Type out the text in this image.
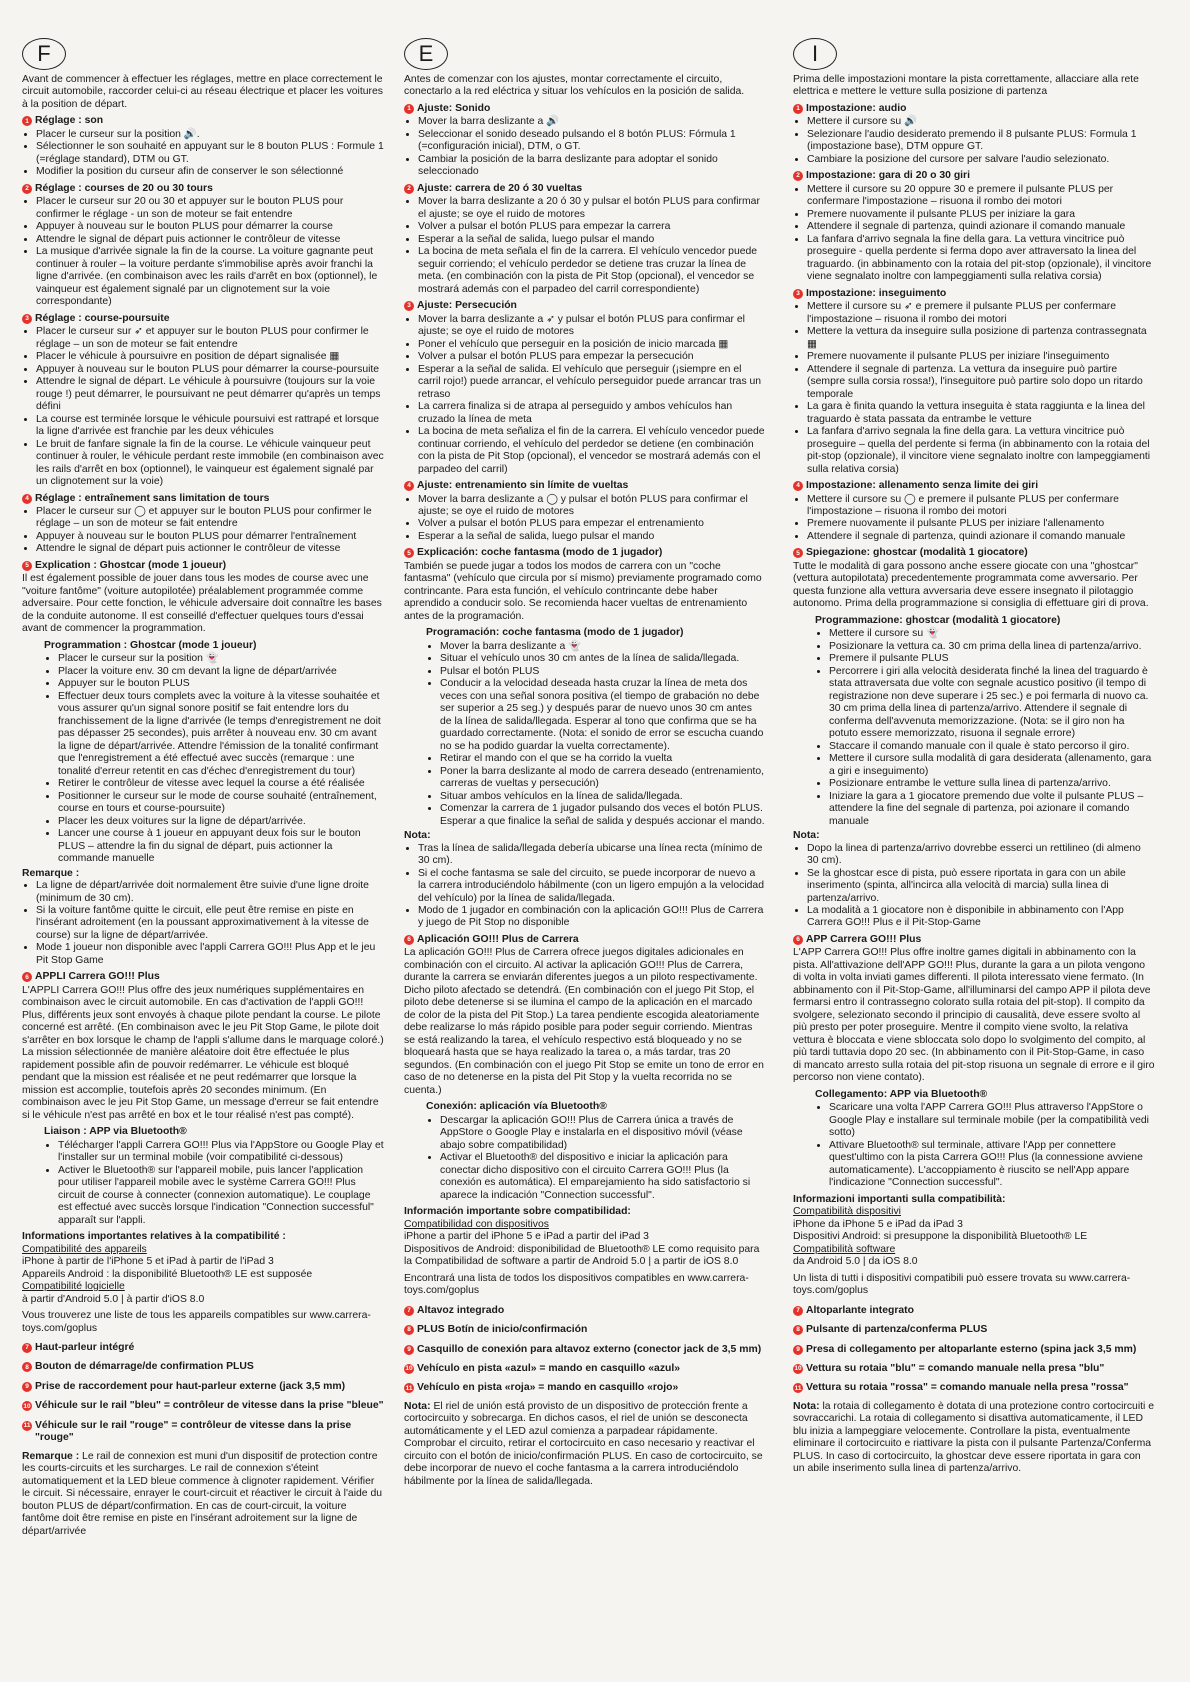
F

Avant de commencer à effectuer les réglages, mettre en place correctement le circuit automobile, raccorder celui-ci au réseau électrique et placer les voitures à la position de départ.

1 Réglage : son
• Placer le curseur sur la position 🔊.
• Sélectionner le son souhaité en appuyant sur le 8 bouton PLUS : Formule 1 (=réglage standard), DTM ou GT.
• Modifier la position du curseur afin de conserver le son sélectionné
2 Réglage : courses de 20 ou 30 tours
• Placer le curseur sur 20 ou 30 et appuyer sur le bouton PLUS pour confirmer le réglage - un son de moteur se fait entendre
• Appuyer à nouveau sur le bouton PLUS pour démarrer la course
• Attendre le signal de départ puis actionner le contrôleur de vitesse
• La musique d'arrivée signale la fin de la course. La voiture gagnante peut continuer à rouler – la voiture perdante s'immobilise après avoir franchi la ligne d'arrivée. (en combinaison avec les rails d'arrêt en box (optionnel), le vainqueur est également signalé par un clignotement sur la voie correspondante)
3 Réglage : course-poursuite
• Placer le curseur sur ➶ et appuyer sur le bouton PLUS pour confirmer le réglage – un son de moteur se fait entendre
• Placer le véhicule à poursuivre en position de départ signalisée ▦
• Appuyer à nouveau sur le bouton PLUS pour démarrer la course-poursuite
• Attendre le signal de départ. Le véhicule à poursuivre (toujours sur la voie rouge !) peut démarrer, le poursuivant ne peut démarrer qu'après un temps défini
• La course est terminée lorsque le véhicule poursuivi est rattrapé et lorsque la ligne d'arrivée est franchie par les deux véhicules
• Le bruit de fanfare signale la fin de la course. Le véhicule vainqueur peut continuer à rouler, le véhicule perdant reste immobile (en combinaison avec les rails d'arrêt en box (optionnel), le vainqueur est également signalé par un clignotement sur la voie)
4 Réglage : entraînement sans limitation de tours
• Placer le curseur sur ◯ et appuyer sur le bouton PLUS pour confirmer le réglage – un son de moteur se fait entendre
• Appuyer à nouveau sur le bouton PLUS pour démarrer l'entraînement
• Attendre le signal de départ puis actionner le contrôleur de vitesse
5 Explication : Ghostcar (mode 1 joueur)

Il est également possible de jouer dans tous les modes de course avec une "voiture fantôme" (voiture autopilotée) préalablement programmée comme adversaire. Pour cette fonction, le véhicule adversaire doit connaître les bases de la conduite autonome. Il est conseillé d'effectuer quelques tours d'essai avant de commencer la programmation.

Programmation : Ghostcar (mode 1 joueur)
• Placer le curseur sur la position 👻
• Placer la voiture env. 30 cm devant la ligne de départ/arrivée
• Appuyer sur le bouton PLUS
• Effectuer deux tours complets avec la voiture à la vitesse souhaitée et vous assurer qu'un signal sonore positif se fait entendre lors du franchissement de la ligne d'arrivée (le temps d'enregistrement ne doit pas dépasser 25 secondes), puis arrêter à nouveau env. 30 cm avant la ligne de départ/arrivée. Attendre l'émission de la tonalité confirmant que l'enregistrement a été effectué avec succès (remarque : une tonalité d'erreur retentit en cas d'échec d'enregistrement du tour)
• Retirer le contrôleur de vitesse avec lequel la course a été réalisée
• Positionner le curseur sur le mode de course souhaité (entraînement, course en tours et course-poursuite)
• Placer les deux voitures sur la ligne de départ/arrivée.
• Lancer une course à 1 joueur en appuyant deux fois sur le bouton PLUS – attendre la fin du signal de départ, puis actionner la commande manuelle
Remarque :
• La ligne de départ/arrivée doit normalement être suivie d'une ligne droite (minimum de 30 cm).
• Si la voiture fantôme quitte le circuit, elle peut être remise en piste en l'insérant adroitement (en la poussant approximativement à la vitesse de course) sur la ligne de départ/arrivée.
• Mode 1 joueur non disponible avec l'appli Carrera GO!!! Plus App et le jeu Pit Stop Game
6 APPLI Carrera GO!!! Plus

L'APPLI Carrera GO!!! Plus offre des jeux numériques supplémentaires en combinaison avec le circuit automobile. En cas d'activation de l'appli GO!!! Plus, différents jeux sont envoyés à chaque pilote pendant la course. Le pilote concerné est arrêté. (En combinaison avec le jeu Pit Stop Game, le pilote doit s'arrêter en box lorsque le champ de l'appli s'allume dans le marquage coloré.) La mission sélectionnée de manière aléatoire doit être effectuée le plus rapidement possible afin de pouvoir redémarrer. Le véhicule est bloqué pendant que la mission est réalisée et ne peut redémarrer que lorsque la mission est accomplie, toutefois après 20 secondes minimum. (En combinaison avec le jeu Pit Stop Game, un message d'erreur se fait entendre si le véhicule n'est pas arrêté en box et le tour réalisé n'est pas compté).

Liaison : APP via Bluetooth®
• Télécharger l'appli Carrera GO!!! Plus via l'AppStore ou Google Play et l'installer sur un terminal mobile (voir compatibilité ci-dessous)
• Activer le Bluetooth® sur l'appareil mobile, puis lancer l'application pour utiliser l'appareil mobile avec le système Carrera GO!!! Plus circuit de course à connecter (connexion automatique). Le couplage est effectué avec succès lorsque l'indication "Connection successful" apparaît sur l'appli.
Informations importantes relatives à la compatibilité :
Compatibilité des appareils
iPhone à partir de l'iPhone 5 et iPad à partir de l'iPad 3
Appareils Android : la disponibilité Bluetooth® LE est supposée
Compatibilité logicielle
à partir d'Android 5.0 | à partir d'iOS 8.0

Vous trouverez une liste de tous les appareils compatibles sur www.carrera-toys.com/goplus

7 Haut-parleur intégré
8 Bouton de démarrage/de confirmation PLUS
9 Prise de raccordement pour haut-parleur externe (jack 3,5 mm)
10 Véhicule sur le rail "bleu" = contrôleur de vitesse dans la prise "bleue"
11 Véhicule sur le rail "rouge" = contrôleur de vitesse dans la prise "rouge"

Remarque : Le rail de connexion est muni d'un dispositif de protection contre les courts-circuits et les surcharges. Le rail de connexion s'éteint automatiquement et la LED bleue commence à clignoter rapidement. Vérifier le circuit. Si nécessaire, enrayer le court-circuit et réactiver le circuit à l'aide du bouton PLUS de départ/confirmation. En cas de court-circuit, la voiture fantôme doit être remise en piste en l'insérant adroitement sur la ligne de départ/arrivée

E

Antes de comenzar con los ajustes, montar correctamente el circuito, conectarlo a la red eléctrica y situar los vehículos en la posición de salida.

1 Ajuste: Sonido
• Mover la barra deslizante a 🔊
• Seleccionar el sonido deseado pulsando el 8 botón PLUS: Fórmula 1 (=configuración inicial), DTM, o GT.
• Cambiar la posición de la barra deslizante para adoptar el sonido seleccionado
2 Ajuste: carrera de 20 ó 30 vueltas
• Mover la barra deslizante a 20 ó 30 y pulsar el botón PLUS para confirmar el ajuste; se oye el ruido de motores
• Volver a pulsar el botón PLUS para empezar la carrera
• Esperar a la señal de salida, luego pulsar el mando
• La bocina de meta señala el fin de la carrera. El vehículo vencedor puede seguir corriendo; el vehículo perdedor se detiene tras cruzar la línea de meta. (en combinación con la pista de Pit Stop (opcional), el vencedor se mostrará además con el parpadeo del carril correspondiente)
3 Ajuste: Persecución
• Mover la barra deslizante a ➶ y pulsar el botón PLUS para confirmar el ajuste; se oye el ruido de motores
• Poner el vehículo que perseguir en la posición de inicio marcada ▦
• Volver a pulsar el botón PLUS para empezar la persecución
• Esperar a la señal de salida. El vehículo que perseguir (¡siempre en el carril rojo!) puede arrancar, el vehículo perseguidor puede arrancar tras un retraso
• La carrera finaliza si de atrapa al perseguido y ambos vehículos han cruzado la línea de meta
• La bocina de meta señaliza el fin de la carrera. El vehículo vencedor puede continuar corriendo, el vehículo del perdedor se detiene (en combinación con la pista de Pit Stop (opcional), el vencedor se mostrará además con el parpadeo del carril)
4 Ajuste: entrenamiento sin límite de vueltas
• Mover la barra deslizante a ◯ y pulsar el botón PLUS para confirmar el ajuste; se oye el ruido de motores
• Volver a pulsar el botón PLUS para empezar el entrenamiento
• Esperar a la señal de salida, luego pulsar el mando
5 Explicación: coche fantasma (modo de 1 jugador)

También se puede jugar a todos los modos de carrera con un "coche fantasma" (vehículo que circula por sí mismo) previamente programado como contrincante. Para esta función, el vehículo contrincante debe haber aprendido a conducir solo. Se recomienda hacer vueltas de entrenamiento antes de la programación.

Programación: coche fantasma (modo de 1 jugador)
• Mover la barra deslizante a 👻
• Situar el vehículo unos 30 cm antes de la línea de salida/llegada.
• Pulsar el botón PLUS
• Conducir a la velocidad deseada hasta cruzar la línea de meta dos veces con una señal sonora positiva (el tiempo de grabación no debe ser superior a 25 seg.) y después parar de nuevo unos 30 cm antes de la línea de salida/llegada. Esperar al tono que confirma que se ha guardado correctamente. (Nota: el sonido de error se escucha cuando no se ha podido guardar la vuelta correctamente).
• Retirar el mando con el que se ha corrido la vuelta
• Poner la barra deslizante al modo de carrera deseado (entrenamiento, carreras de vueltas y persecución)
• Situar ambos vehículos en la línea de salida/llegada.
• Comenzar la carrera de 1 jugador pulsando dos veces el botón PLUS. Esperar a que finalice la señal de salida y después accionar el mando.
Nota:
• Tras la línea de salida/llegada debería ubicarse una línea recta (mínimo de 30 cm).
• Si el coche fantasma se sale del circuito, se puede incorporar de nuevo a la carrera introduciéndolo hábilmente (con un ligero empujón a la velocidad del vehículo) por la línea de salida/llegada.
• Modo de 1 jugador en combinación con la aplicación GO!!! Plus de Carrera y juego de Pit Stop no disponible
6 Aplicación GO!!! Plus de Carrera

La aplicación GO!!! Plus de Carrera ofrece juegos digitales adicionales en combinación con el circuito. Al activar la aplicación GO!!! Plus de Carrera, durante la carrera se enviarán diferentes juegos a un piloto respectivamente. Dicho piloto afectado se detendrá. (En combinación con el juego Pit Stop, el piloto debe detenerse si se ilumina el campo de la aplicación en el marcado de color de la pista del Pit Stop.) La tarea pendiente escogida aleatoriamente debe realizarse lo más rápido posible para poder seguir corriendo. Mientras se está realizando la tarea, el vehículo respectivo está bloqueado y no se bloqueará hasta que se haya realizado la tarea o, a más tardar, tras 20 segundos. (En combinación con el juego Pit Stop se emite un tono de error en caso de no detenerse en la pista del Pit Stop y la vuelta recorrida no se cuenta.)

Conexión: aplicación vía Bluetooth®
• Descargar la aplicación GO!!! Plus de Carrera única a través de AppStore o Google Play e instalarla en el dispositivo móvil (véase abajo sobre compatibilidad)
• Activar el Bluetooth® del dispositivo e iniciar la aplicación para conectar dicho dispositivo con el circuito Carrera GO!!! Plus (la conexión es automática). El emparejamiento ha sido satisfactorio si aparece la indicación "Connection successful".
Información importante sobre compatibilidad:
Compatibilidad con dispositivos
iPhone a partir del iPhone 5 e iPad a partir del iPad 3
Dispositivos de Android: disponibilidad de Bluetooth® LE como requisito para la Compatibilidad de software a partir de Android 5.0 | a partir de iOS 8.0

Encontrará una lista de todos los dispositivos compatibles en www.carrera-toys.com/goplus

7 Altavoz integrado
8 PLUS Botín de inicio/confirmación
9 Casquillo de conexión para altavoz externo (conector jack de 3,5 mm)
10 Vehículo en pista «azul» = mando en casquillo «azul»
11 Vehículo en pista «roja» = mando en casquillo «rojo»

Nota: El riel de unión está provisto de un dispositivo de protección frente a cortocircuito y sobrecarga. En dichos casos, el riel de unión se desconecta automáticamente y el LED azul comienza a parpadear rápidamente. Comprobar el circuito, retirar el cortocircuito en caso necesario y reactivar el circuito con el botón de inicio/confirmación PLUS. En caso de cortocircuito, se debe incorporar de nuevo el coche fantasma a la carrera introduciéndolo hábilmente por la línea de salida/llegada.

I

Prima delle impostazioni montare la pista correttamente, allacciare alla rete elettrica e mettere le vetture sulla posizione di partenza

1 Impostazione: audio
• Mettere il cursore su 🔊
• Selezionare l'audio desiderato premendo il 8 pulsante PLUS: Formula 1 (impostazione base), DTM oppure GT.
• Cambiare la posizione del cursore per salvare l'audio selezionato.
2 Impostazione: gara di 20 o 30 giri
• Mettere il cursore su 20 oppure 30 e premere il pulsante PLUS per confermare l'impostazione – risuona il rombo dei motori
• Premere nuovamente il pulsante PLUS per iniziare la gara
• Attendere il segnale di partenza, quindi azionare il comando manuale
• La fanfara d'arrivo segnala la fine della gara. La vettura vincitrice può proseguire - quella perdente si ferma dopo aver attraversato la linea del traguardo. (in abbinamento con la rotaia del pit-stop (opzionale), il vincitore viene segnalato inoltre con lampeggiamenti sulla relativa corsia)
3 Impostazione: inseguimento
• Mettere il cursore su ➶ e premere il pulsante PLUS per confermare l'impostazione – risuona il rombo dei motori
• Mettere la vettura da inseguire sulla posizione di partenza contrassegnata ▦
• Premere nuovamente il pulsante PLUS per iniziare l'inseguimento
• Attendere il segnale di partenza. La vettura da inseguire può partire (sempre sulla corsia rossa!), l'inseguitore può partire solo dopo un ritardo temporale
• La gara è finita quando la vettura inseguita è stata raggiunta e la linea del traguardo è stata passata da entrambe le vetture
• La fanfara d'arrivo segnala la fine della gara. La vettura vincitrice può proseguire – quella del perdente si ferma (in abbinamento con la rotaia del pit-stop (opzionale), il vincitore viene segnalato inoltre con lampeggiamenti sulla relativa corsia)
4 Impostazione: allenamento senza limite dei giri
• Mettere il cursore su ◯ e premere il pulsante PLUS per confermare l'impostazione – risuona il rombo dei motori
• Premere nuovamente il pulsante PLUS per iniziare l'allenamento
• Attendere il segnale di partenza, quindi azionare il comando manuale
5 Spiegazione: ghostcar (modalità 1 giocatore)

Tutte le modalità di gara possono anche essere giocate con una "ghostcar" (vettura autopilotata) precedentemente programmata come avversario. Per questa funzione alla vettura avversaria deve essere insegnato il pilotaggio autonomo. Prima della programmazione si consiglia di effettuare giri di prova.

Programmazione: ghostcar (modalità 1 giocatore)
• Mettere il cursore su 👻
• Posizionare la vettura ca. 30 cm prima della linea di partenza/arrivo.
• Premere il pulsante PLUS
• Percorrere i giri alla velocità desiderata finché la linea del traguardo è stata attraversata due volte con segnale acustico positivo (il tempo di registrazione non deve superare i 25 sec.) e poi fermarla di nuovo ca. 30 cm prima della linea di partenza/arrivo. Attendere il segnale di conferma dell'avvenuta memorizzazione. (Nota: se il giro non ha potuto essere memorizzato, risuona il segnale errore)
• Staccare il comando manuale con il quale è stato percorso il giro.
• Mettere il cursore sulla modalità di gara desiderata (allenamento, gara a giri e inseguimento)
• Posizionare entrambe le vetture sulla linea di partenza/arrivo.
• Iniziare la gara a 1 giocatore premendo due volte il pulsante PLUS – attendere la fine del segnale di partenza, poi azionare il comando manuale
Nota:
• Dopo la linea di partenza/arrivo dovrebbe esserci un rettilineo (di almeno 30 cm).
• Se la ghostcar esce di pista, può essere riportata in gara con un abile inserimento (spinta, all'incirca alla velocità di marcia) sulla linea di partenza/arrivo.
• La modalità a 1 giocatore non è disponibile in abbinamento con l'App Carrera GO!!! Plus e il Pit-Stop-Game
6 APP Carrera GO!!! Plus

L'APP Carrera GO!!! Plus offre inoltre games digitali in abbinamento con la pista. All'attivazione dell'APP GO!!! Plus, durante la gara a un pilota vengono di volta in volta inviati games differenti. Il pilota interessato viene fermato. (In abbinamento con il Pit-Stop-Game, all'illuminarsi del campo APP il pilota deve fermarsi entro il contrassegno colorato sulla rotaia del pit-stop). Il compito da svolgere, selezionato secondo il principio di causalità, deve essere svolto al più presto per poter proseguire. Mentre il compito viene svolto, la relativa vettura è bloccata e viene sbloccata solo dopo lo svolgimento del compito, al più tardi tuttavia dopo 20 sec. (In abbinamento con il Pit-Stop-Game, in caso di mancato arresto sulla rotaia del pit-stop risuona un segnale di errore e il giro percorso non viene contato).

Collegamento: APP via Bluetooth®
• Scaricare una volta l'APP Carrera GO!!! Plus attraverso l'AppStore o Google Play e installare sul terminale mobile (per la compatibilità vedi sotto)
• Attivare Bluetooth® sul terminale, attivare l'App per connettere quest'ultimo con la pista Carrera GO!!! Plus (la connessione avviene automaticamente). L'accoppiamento è riuscito se nell'App appare l'indicazione "Connection successful".
Informazioni importanti sulla compatibilità:
Compatibilità dispositivi
iPhone da iPhone 5 e iPad da iPad 3
Dispositivi Android: si presuppone la disponibilità Bluetooth® LE
Compatibilità software
da Android 5.0 | da iOS 8.0

Un lista di tutti i dispositivi compatibili può essere trovata su www.carrera-toys.com/goplus

7 Altoparlante integrato
8 Pulsante di partenza/conferma PLUS
9 Presa di collegamento per altoparlante esterno (spina jack 3,5 mm)
10 Vettura su rotaia "blu" = comando manuale nella presa "blu"
11 Vettura su rotaia "rossa" = comando manuale nella presa "rossa"

Nota: la rotaia di collegamento è dotata di una protezione contro cortocircuiti e sovraccarichi. La rotaia di collegamento si disattiva automaticamente, il LED blu inizia a lampeggiare velocemente. Controllare la pista, eventualmente eliminare il cortocircuito e riattivare la pista con il pulsante Partenza/Conferma PLUS. In caso di cortocircuito, la ghostcar deve essere riportata in gara con un abile inserimento sulla linea di partenza/arrivo.
